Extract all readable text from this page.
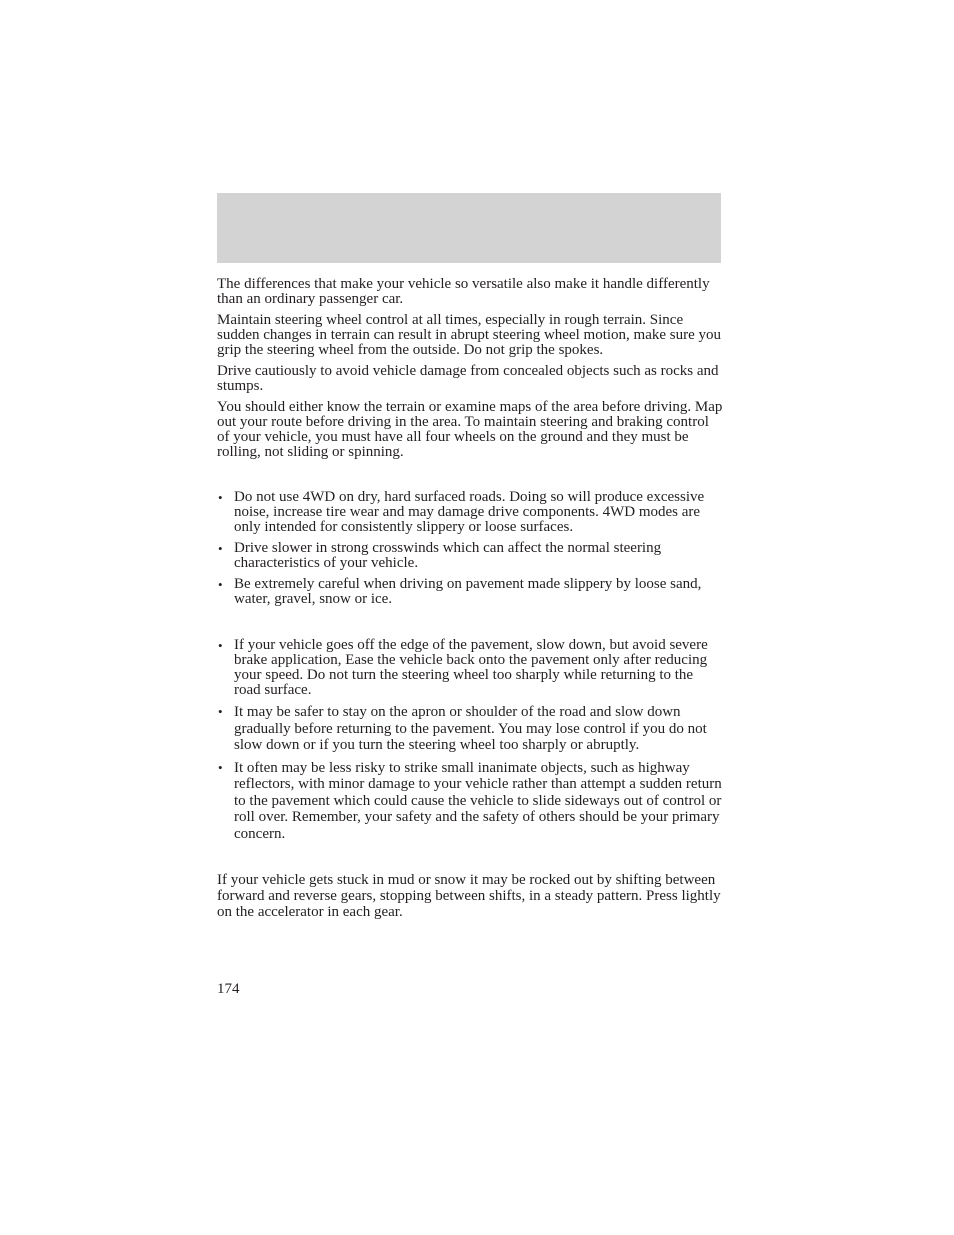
The differences that make your vehicle so versatile also make it handle differently than an ordinary passenger car.

Maintain steering wheel control at all times, especially in rough terrain. Since sudden changes in terrain can result in abrupt steering wheel motion, make sure you grip the steering wheel from the outside. Do not grip the spokes.

Drive cautiously to avoid vehicle damage from concealed objects such as rocks and stumps.

You should either know the terrain or examine maps of the area before driving. Map out your route before driving in the area. To maintain steering and braking control of your vehicle, you must have all four wheels on the ground and they must be rolling, not sliding or spinning.

• Do not use 4WD on dry, hard surfaced roads. Doing so will produce excessive noise, increase tire wear and may damage drive components. 4WD modes are only intended for consistently slippery or loose surfaces.
• Drive slower in strong crosswinds which can affect the normal steering characteristics of your vehicle.
• Be extremely careful when driving on pavement made slippery by loose sand, water, gravel, snow or ice.
• If your vehicle goes off the edge of the pavement, slow down, but avoid severe brake application, Ease the vehicle back onto the pavement only after reducing your speed. Do not turn the steering wheel too sharply while returning to the road surface.
• It may be safer to stay on the apron or shoulder of the road and slow down gradually before returning to the pavement. You may lose control if you do not slow down or if you turn the steering wheel too sharply or abruptly.
• It often may be less risky to strike small inanimate objects, such as highway reflectors, with minor damage to your vehicle rather than attempt a sudden return to the pavement which could cause the vehicle to slide sideways out of control or roll over. Remember, your safety and the safety of others should be your primary concern.

If your vehicle gets stuck in mud or snow it may be rocked out by shifting between forward and reverse gears, stopping between shifts, in a steady pattern. Press lightly on the accelerator in each gear.

174
